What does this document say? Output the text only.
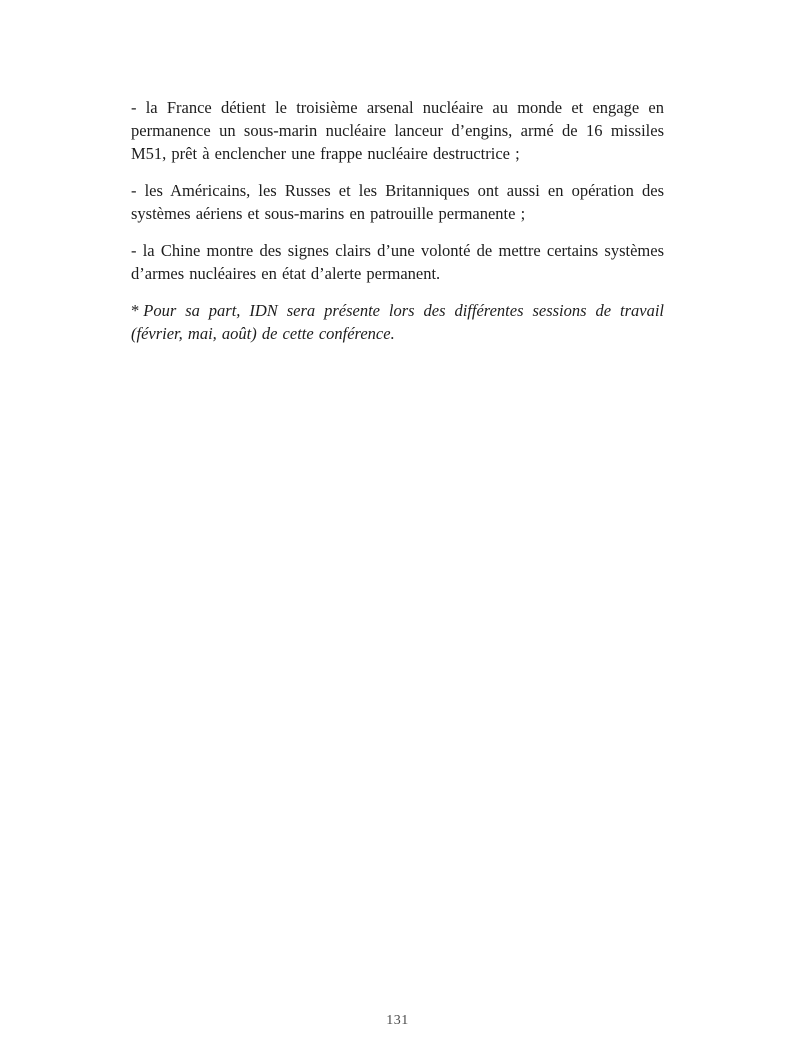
- la France détient le troisième arsenal nucléaire au monde et engage en permanence un sous-marin nucléaire lanceur d’engins, armé de 16 missiles M51, prêt à enclencher une frappe nucléaire destructrice ;

- les Américains, les Russes et les Britanniques ont aussi en opération des systèmes aériens et sous-marins en patrouille permanente ;

- la Chine montre des signes clairs d’une volonté de mettre certains systèmes d’armes nucléaires en état d’alerte permanent.

* Pour sa part, IDN sera présente lors des différentes sessions de travail (février, mai, août) de cette conférence.

131
